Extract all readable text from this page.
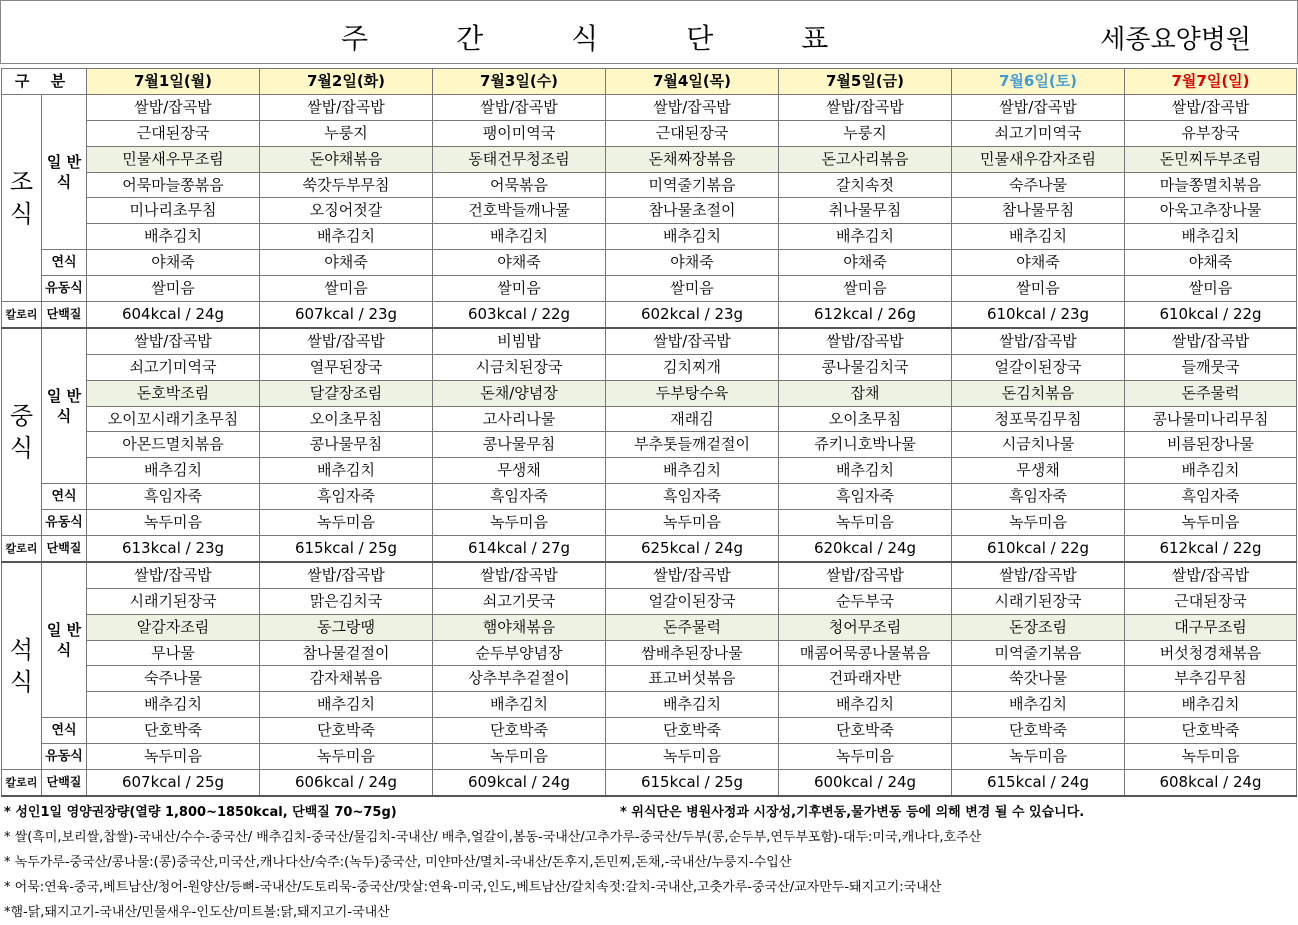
주	간	식	단	표	세종요양병원
구 분		7월1일(월)	7월2일(화)	7월3일(수)	7월4일(목)	7월5일(금)	7월6일(토)	7월7일(일)
조 식	일 반 식	쌀밥/잡곡밥	쌀밥/잡곡밥	쌀밥/잡곡밥	쌀밥/잡곡밥	쌀밥/잡곡밥	쌀밥/잡곡밥	쌀밥/잡곡밥
		근대된장국	누룽지	팽이미역국	근대된장국	누룽지	쇠고기미역국	유부장국
		민물새우무조림	돈야채볶음	동태건무청조림	돈채짜장볶음	돈고사리볶음	민물새우감자조림	돈민찌두부조림
		어묵마늘쫑볶음	쑥갓두부무침	어묵볶음	미역줄기볶음	갈치속젓	숙주나물	마늘쫑멸치볶음
		미나리초무침	오징어젓갈	건호박들깨나물	참나물초절이	취나물무침	참나물무침	아욱고추장나물
		배추김치	배추김치	배추김치	배추김치	배추김치	배추김치	배추김치
	연식	야채죽	야채죽	야채죽	야채죽	야채죽	야채죽	야채죽
	유동식	쌀미음	쌀미음	쌀미음	쌀미음	쌀미음	쌀미음	쌀미음
칼로리	단백질	604kcal / 24g	607kcal / 23g	603kcal / 22g	602kcal / 23g	612kcal / 26g	610kcal / 23g	610kcal / 22g
중 식	일 반 식	쌀밥/잡곡밥	쌀밥/잡곡밥	비빔밥	쌀밥/잡곡밥	쌀밥/잡곡밥	쌀밥/잡곡밥	쌀밥/잡곡밥
		쇠고기미역국	열무된장국	시금치된장국	김치찌개	콩나물김치국	얼갈이된장국	들깨뭇국
		돈호박조림	달걀장조림	돈채/양념장	두부탕수육	잡채	돈김치볶음	돈주물럭
		오이꼬시래기초무침	오이초무침	고사리나물	재래김	오이초무침	청포묵김무침	콩나물미나리무침
		아몬드멸치볶음	콩나물무침	콩나물무침	부추톳들깨겉절이	쥬키니호박나물	시금치나물	비름된장나물
		배추김치	배추김치	무생채	배추김치	배추김치	무생채	배추김치
	연식	흑임자죽	흑임자죽	흑임자죽	흑임자죽	흑임자죽	흑임자죽	흑임자죽
	유동식	녹두미음	녹두미음	녹두미음	녹두미음	녹두미음	녹두미음	녹두미음
칼로리	단백질	613kcal / 23g	615kcal / 25g	614kcal / 27g	625kcal / 24g	620kcal / 24g	610kcal / 22g	612kcal / 22g
석 식	일 반 식	쌀밥/잡곡밥	쌀밥/잡곡밥	쌀밥/잡곡밥	쌀밥/잡곡밥	쌀밥/잡곡밥	쌀밥/잡곡밥	쌀밥/잡곡밥
		시래기된장국	맑은김치국	쇠고기뭇국	얼갈이된장국	순두부국	시래기된장국	근대된장국
		알감자조림	동그랑땡	햄야채볶음	돈주물럭	청어무조림	돈장조림	대구무조림
		무나물	참나물겉절이	순두부양념장	쌈배추된장나물	매콤어묵콩나물볶음	미역줄기볶음	버섯청경채볶음
		숙주나물	감자채볶음	상추부추겉절이	표고버섯볶음	건파래자반	쑥갓나물	부추김무침
		배추김치	배추김치	배추김치	배추김치	배추김치	배추김치	배추김치
	연식	단호박죽	단호박죽	단호박죽	단호박죽	단호박죽	단호박죽	단호박죽
	유동식	녹두미음	녹두미음	녹두미음	녹두미음	녹두미음	녹두미음	녹두미음
칼로리	단백질	607kcal / 25g	606kcal / 24g	609kcal / 24g	615kcal / 25g	600kcal / 24g	615kcal / 24g	608kcal / 24g
* 성인1일 영양권장량(열량 1,800~1850kcal, 단백질 70~75g)	* 위식단은 병원사정과 시장성,기후변동,물가변동 등에 의해 변경 될 수 있습니다.
* 쌀(흑미,보리쌀,찹쌀)-국내산/수수-중국산/ 배추김치-중국산/물김치-국내산/ 배추,얼갈이,봄동-국내산/고추가루-중국산/두부(콩,순두부,연두부포함)-대두:미국,캐나다,호주산
* 녹두가루-중국산/콩나물:(콩)중국산,미국산,캐나다산/숙주:(녹두)중국산, 미얀마산/멸치-국내산/돈후지,돈민찌,돈채,-국내산/누룽지-수입산
* 어묵:연육-중국,베트남산/청어-원양산/등뼈-국내산/도토리묵-중국산/맛살:연육-미국,인도,베트남산/갈치속젓:갈치-국내산,고춧가루-중국산/교자만두-돼지고기:국내산
*햄-닭,돼지고기-국내산/민물새우-인도산/미트볼:닭,돼지고기-국내산
